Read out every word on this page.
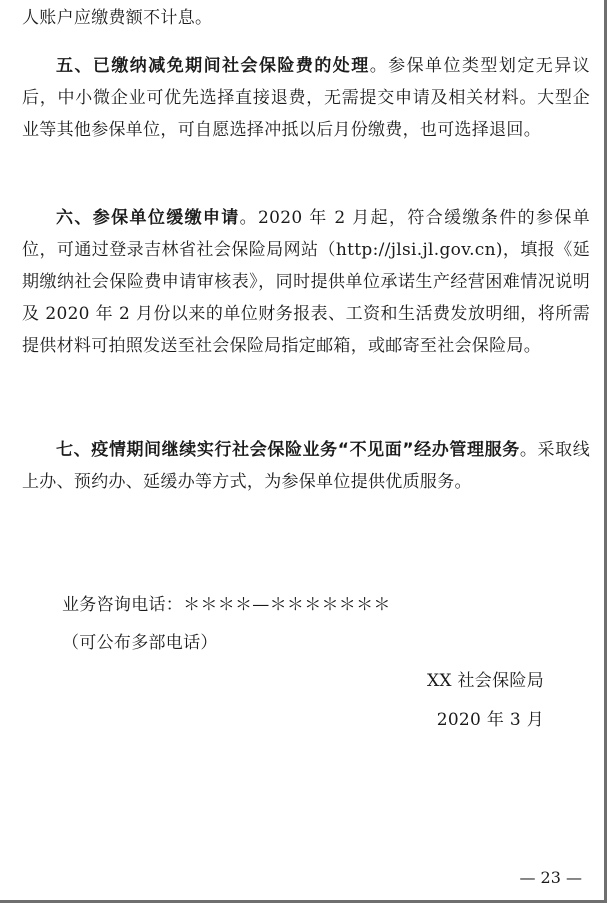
人账户应缴费额不计息。

五、已缴纳减免期间社会保险费的处理。参保单位类型划定无异议后，中小微企业可优先选择直接退费，无需提交申请及相关材料。大型企业等其他参保单位，可自愿选择冲抵以后月份缴费，也可选择退回。

六、参保单位缓缴申请。2020 年 2 月起，符合缓缴条件的参保单位，可通过登录吉林省社会保险局网站（http://jlsi.jl.gov.cn)，填报《延期缴纳社会保险费申请审核表》，同时提供单位承诺生产经营困难情况说明及 2020 年 2 月份以来的单位财务报表、工资和生活费发放明细，将所需提供材料可拍照发送至社会保险局指定邮箱，或邮寄至社会保险局。

七、疫情期间继续实行社会保险业务“不见面”经办管理服务。采取线上办、预约办、延缓办等方式，为参保单位提供优质服务。

业务咨询电话：＊＊＊＊—＊＊＊＊＊＊＊

（可公布多部电话）

XX 社会保险局

2020 年 3 月

— 23 —
